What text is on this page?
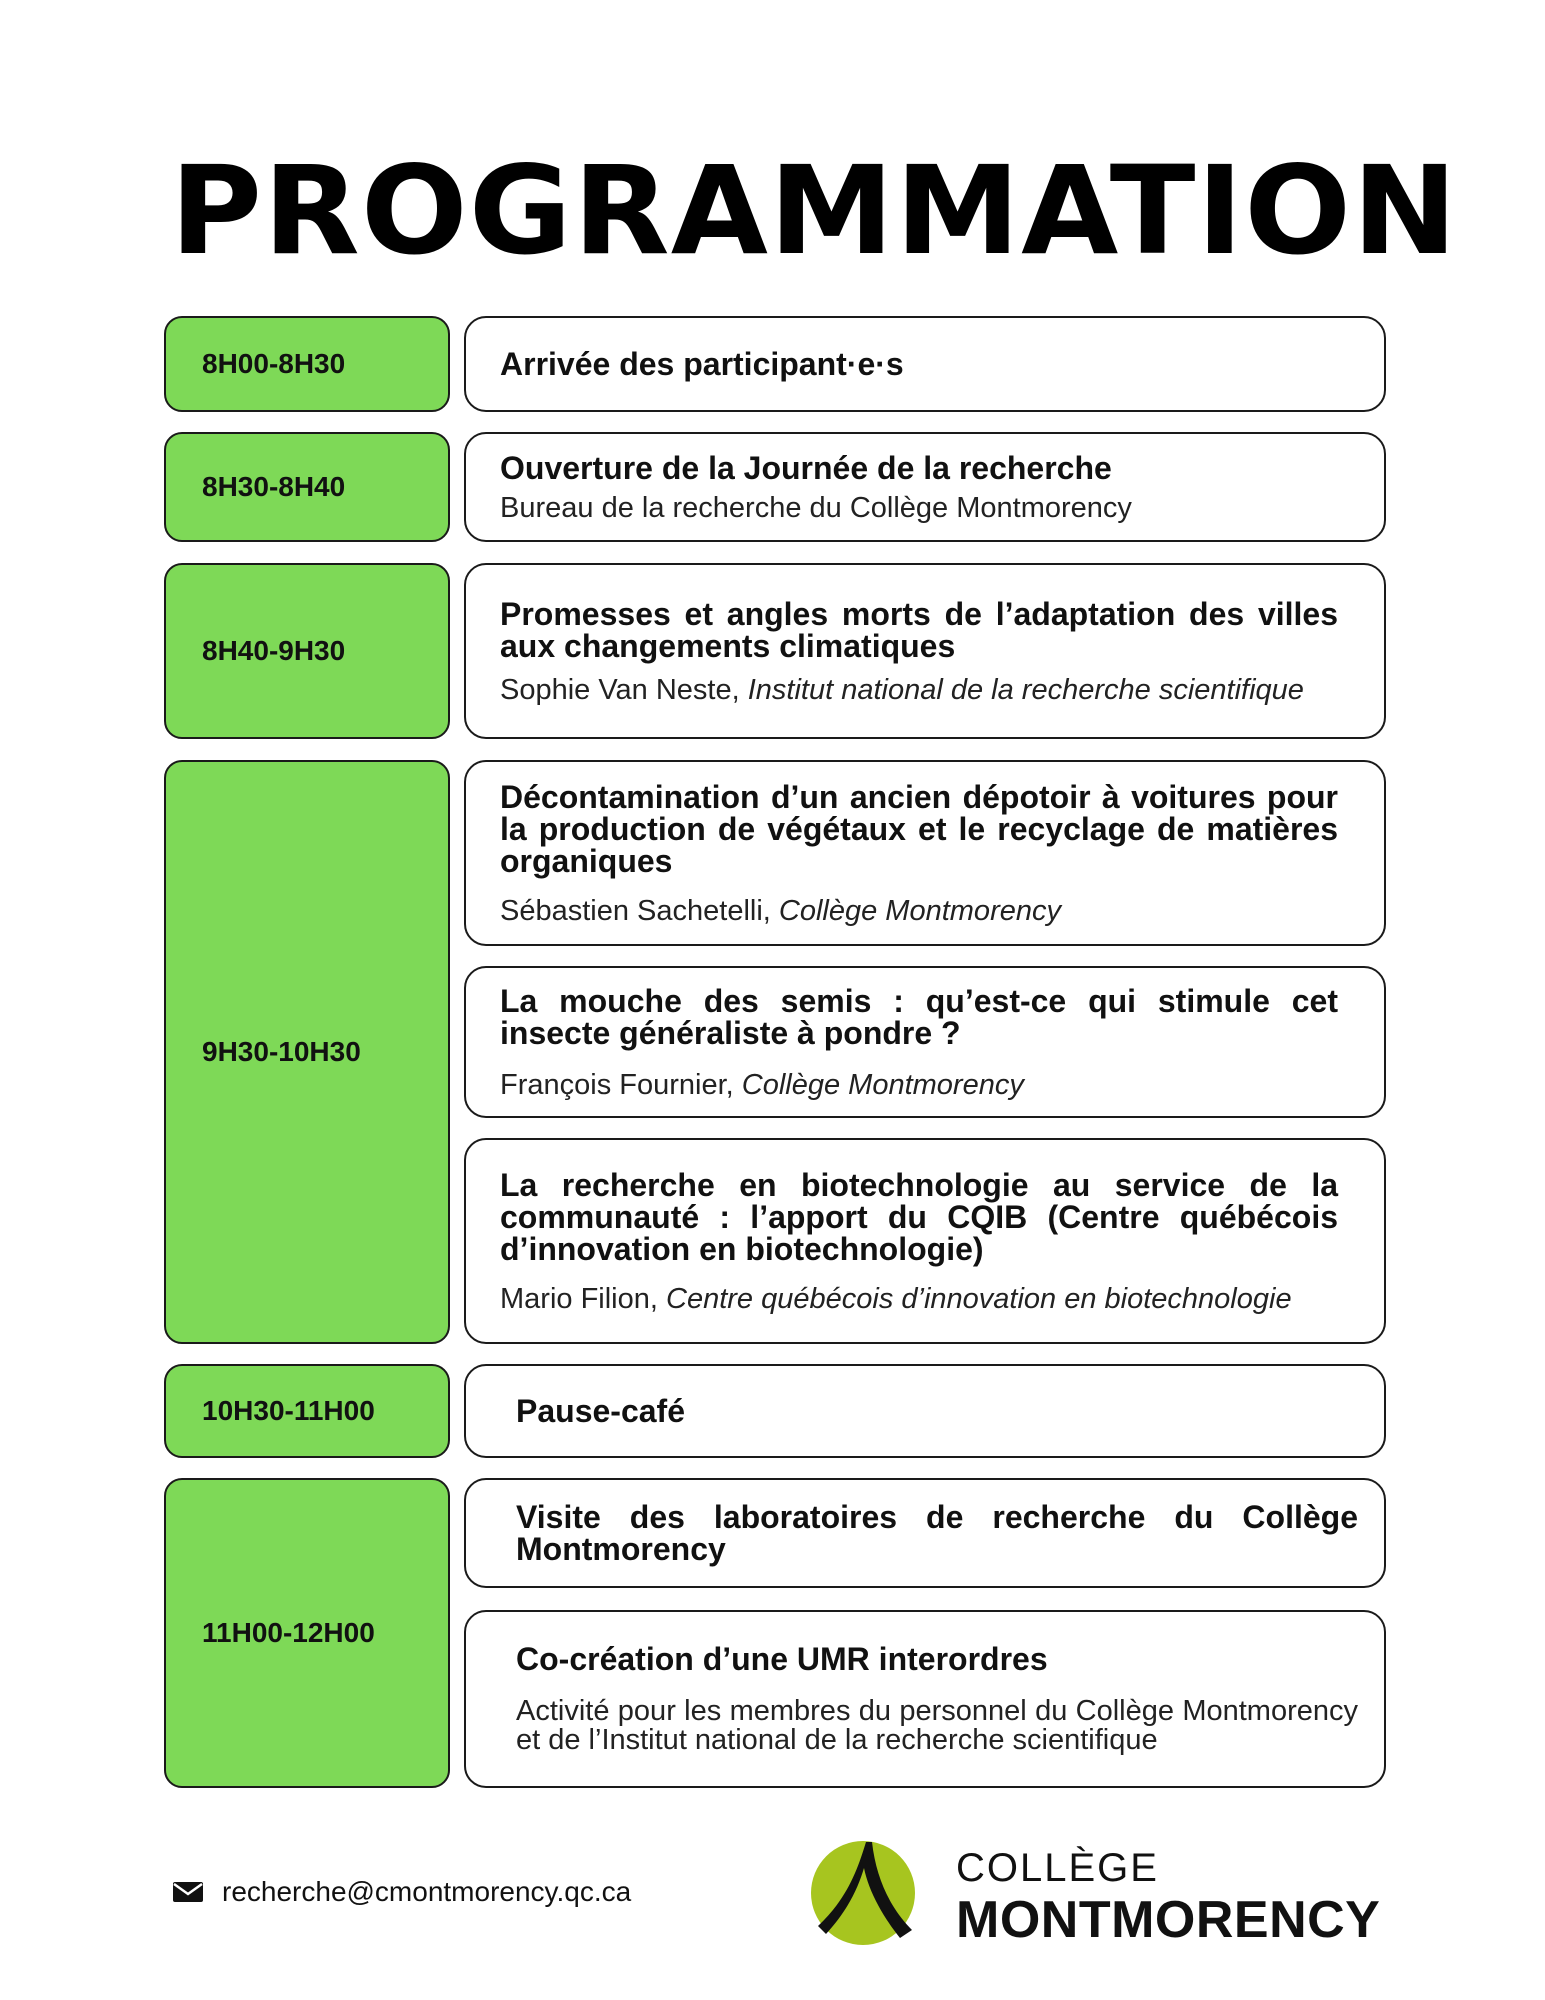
PROGRAMMATION
8H00-8H30
8H30-8H40
8H40-9H30
9H30-10H30
10H30-11H00
11H00-12H00
Arrivée des participant·e·s
Ouverture de la Journée de la recherche
Bureau de la recherche du Collège Montmorency
Promesses et angles morts de l’adaptation des villes aux changements climatiques
Sophie Van Neste, Institut national de la recherche scientifique
Décontamination d’un ancien dépotoir à voitures pour la production de végétaux et le recyclage de matières organiques
Sébastien Sachetelli, Collège Montmorency
La mouche des semis : qu’est-ce qui stimule cet insecte généraliste à pondre ?
François Fournier, Collège Montmorency
La recherche en biotechnologie au service de la communauté : l’apport du CQIB (Centre québécois d’innovation en biotechnologie)
Mario Filion, Centre québécois d’innovation en biotechnologie
Pause-café
Visite des laboratoires de recherche du Collège Montmorency
Co-création d’une UMR interordres
Activité pour les membres du personnel du Collège Montmorency et de l’Institut national de la recherche scientifique
recherche@cmontmorency.qc.ca
COLLÈGE
MONTMORENCY
